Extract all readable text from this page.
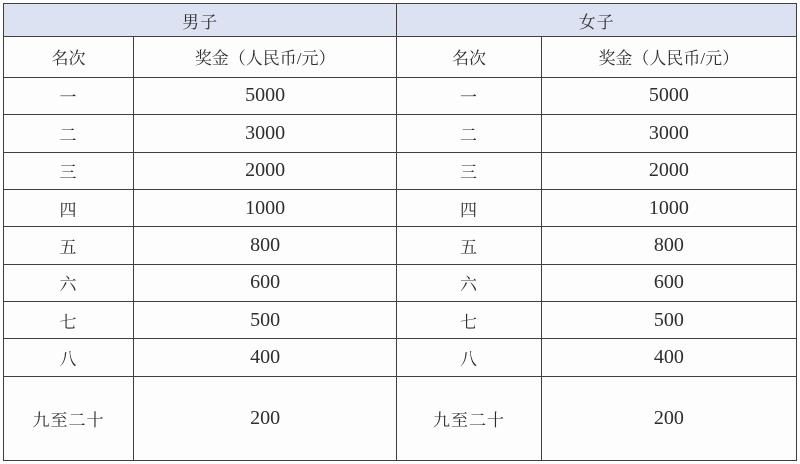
男子		女子	
名次	奖金（人民币/元）	名次	奖金（人民币/元）
一	5000	一	5000
二	3000	二	3000
三	2000	三	2000
四	1000	四	1000
五	800	五	800
六	600	六	600
七	500	七	500
八	400	八	400
九至二十	200	九至二十	200
